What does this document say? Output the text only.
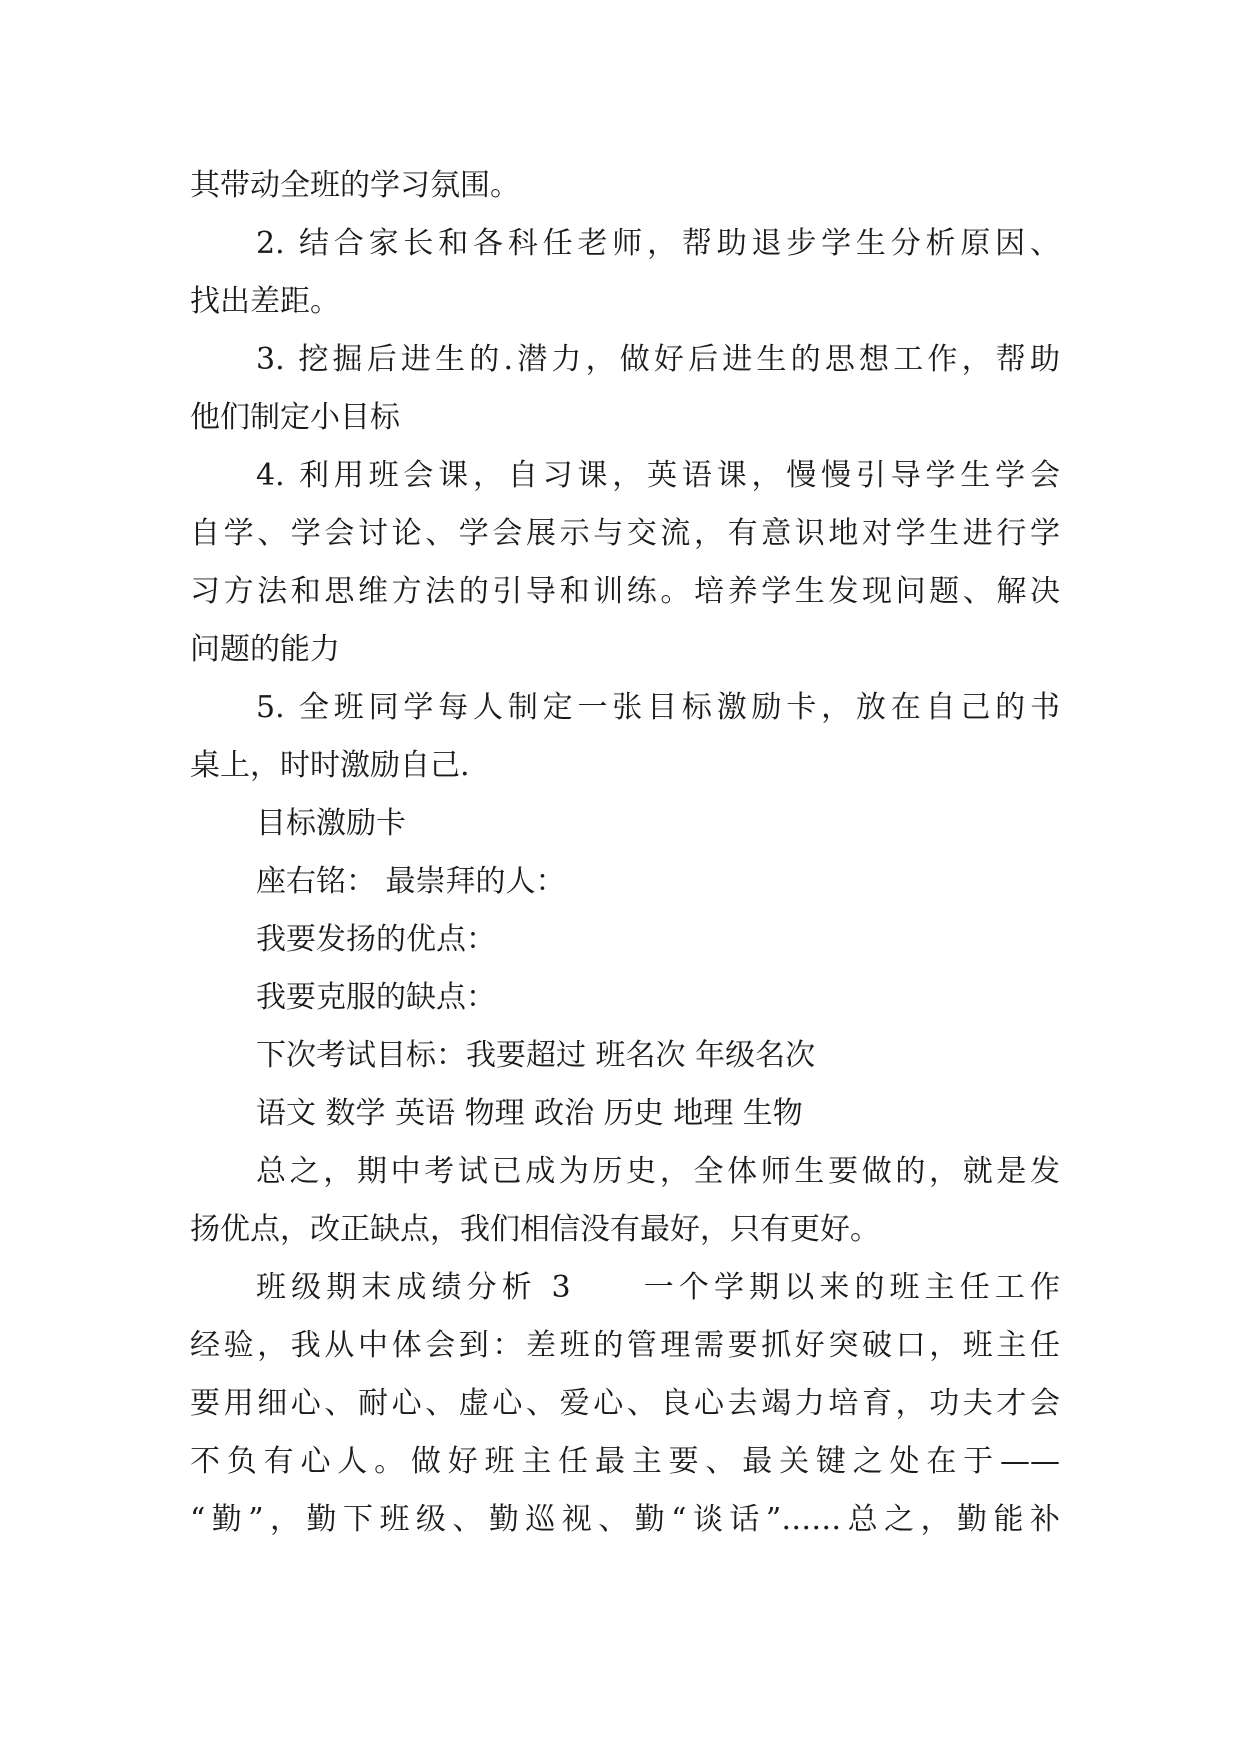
其带动全班的学习氛围。
2. 结合家长和各科任老师，帮助退步学生分析原因、
找出差距。
3. 挖掘后进生的.潜力，做好后进生的思想工作，帮助
他们制定小目标
4. 利用班会课，自习课，英语课，慢慢引导学生学会
自学、学会讨论、学会展示与交流，有意识地对学生进行学
习方法和思维方法的引导和训练。培养学生发现问题、解决
问题的能力
5. 全班同学每人制定一张目标激励卡，放在自己的书
桌上，时时激励自己.
目标激励卡
座右铭： 最崇拜的人：
我要发扬的优点：
我要克服的缺点：
下次考试目标：我要超过 班名次 年级名次
语文 数学 英语 物理 政治 历史 地理 生物
总之，期中考试已成为历史，全体师生要做的，就是发
扬优点，改正缺点，我们相信没有最好，只有更好。
班级期末成绩分析 3     一个学期以来的班主任工作
经验，我从中体会到：差班的管理需要抓好突破口，班主任
要用细心、耐心、虚心、爱心、良心去竭力培育，功夫才会
不负有心人。做好班主任最主要、最关键之处在于——
“勤”，勤下班级、勤巡视、勤“谈话”……总之，勤能补
